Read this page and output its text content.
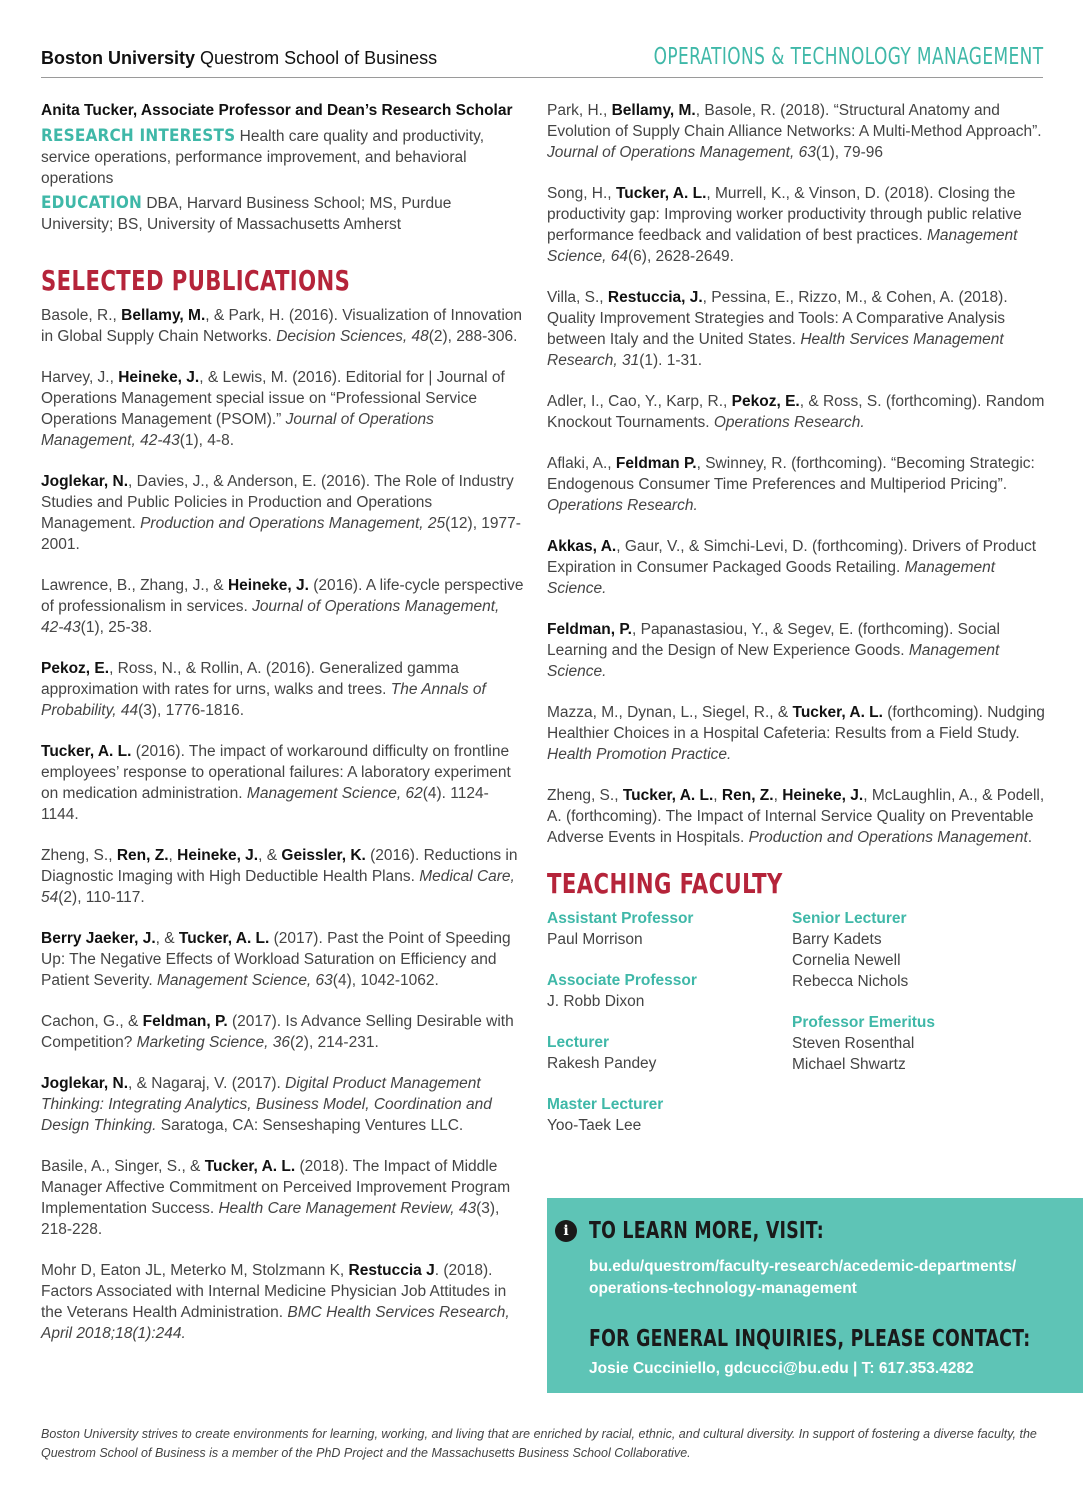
Boston University Questrom School of Business	OPERATIONS & TECHNOLOGY MANAGEMENT
Anita Tucker, Associate Professor and Dean’s Research Scholar
RESEARCH INTERESTS Health care quality and productivity, service operations, performance improvement, and behavioral operations
EDUCATION DBA, Harvard Business School; MS, Purdue University; BS, University of Massachusetts Amherst
SELECTED PUBLICATIONS
Basole, R., Bellamy, M., & Park, H. (2016). Visualization of Innovation in Global Supply Chain Networks. Decision Sciences, 48(2), 288-306.
Harvey, J., Heineke, J., & Lewis, M. (2016). Editorial for | Journal of Operations Management special issue on “Professional Service Operations Management (PSOM).” Journal of Operations Management, 42-43(1), 4-8.
Joglekar, N., Davies, J., & Anderson, E. (2016). The Role of Industry Studies and Public Policies in Production and Operations Management. Production and Operations Management, 25(12), 1977-2001.
Lawrence, B., Zhang, J., & Heineke, J. (2016). A life-cycle perspective of professionalism in services. Journal of Operations Management, 42-43(1), 25-38.
Pekoz, E., Ross, N., & Rollin, A. (2016). Generalized gamma approximation with rates for urns, walks and trees. The Annals of Probability, 44(3), 1776-1816.
Tucker, A. L. (2016). The impact of workaround difficulty on frontline employees’ response to operational failures: A laboratory experiment on medication administration. Management Science, 62(4). 1124-1144.
Zheng, S., Ren, Z., Heineke, J., & Geissler, K. (2016). Reductions in Diagnostic Imaging with High Deductible Health Plans. Medical Care, 54(2), 110-117.
Berry Jaeker, J., & Tucker, A. L. (2017). Past the Point of Speeding Up: The Negative Effects of Workload Saturation on Efficiency and Patient Severity. Management Science, 63(4), 1042-1062.
Cachon, G., & Feldman, P. (2017). Is Advance Selling Desirable with Competition? Marketing Science, 36(2), 214-231.
Joglekar, N., & Nagaraj, V. (2017). Digital Product Management Thinking: Integrating Analytics, Business Model, Coordination and Design Thinking. Saratoga, CA: Senseshaping Ventures LLC.
Basile, A., Singer, S., & Tucker, A. L. (2018). The Impact of Middle Manager Affective Commitment on Perceived Improvement Program Implementation Success. Health Care Management Review, 43(3), 218-228.
Mohr D, Eaton JL, Meterko M, Stolzmann K, Restuccia J. (2018). Factors Associated with Internal Medicine Physician Job Attitudes in the Veterans Health Administration. BMC Health Services Research, April 2018;18(1):244.
Park, H., Bellamy, M., Basole, R. (2018). “Structural Anatomy and Evolution of Supply Chain Alliance Networks: A Multi-Method Approach”. Journal of Operations Management, 63(1), 79-96
Song, H., Tucker, A. L., Murrell, K., & Vinson, D. (2018). Closing the productivity gap: Improving worker productivity through public relative performance feedback and validation of best practices. Management Science, 64(6), 2628-2649.
Villa, S., Restuccia, J., Pessina, E., Rizzo, M., & Cohen, A. (2018). Quality Improvement Strategies and Tools: A Comparative Analysis between Italy and the United States. Health Services Management Research, 31(1). 1-31.
Adler, I., Cao, Y., Karp, R., Pekoz, E., & Ross, S. (forthcoming). Random Knockout Tournaments. Operations Research.
Aflaki, A., Feldman P., Swinney, R. (forthcoming). “Becoming Strategic: Endogenous Consumer Time Preferences and Multiperiod Pricing”. Operations Research.
Akkas, A., Gaur, V., & Simchi-Levi, D. (forthcoming). Drivers of Product Expiration in Consumer Packaged Goods Retailing. Management Science.
Feldman, P., Papanastasiou, Y., & Segev, E. (forthcoming). Social Learning and the Design of New Experience Goods. Management Science.
Mazza, M., Dynan, L., Siegel, R., & Tucker, A. L. (forthcoming). Nudging Healthier Choices in a Hospital Cafeteria: Results from a Field Study. Health Promotion Practice.
Zheng, S., Tucker, A. L., Ren, Z., Heineke, J., McLaughlin, A., & Podell, A. (forthcoming). The Impact of Internal Service Quality on Preventable Adverse Events in Hospitals. Production and Operations Management.
TEACHING FACULTY
Assistant Professor
Paul Morrison
Associate Professor
J. Robb Dixon
Lecturer
Rakesh Pandey
Master Lecturer
Yoo-Taek Lee
Senior Lecturer
Barry Kadets
Cornelia Newell
Rebecca Nichols
Professor Emeritus
Steven Rosenthal
Michael Shwartz
i TO LEARN MORE, VISIT:
bu.edu/questrom/faculty-research/acedemic-departments/ operations-technology-management
FOR GENERAL INQUIRIES, PLEASE CONTACT:
Josie Cucciniello, gdcucci@bu.edu | T: 617.353.4282
Boston University strives to create environments for learning, working, and living that are enriched by racial, ethnic, and cultural diversity. In support of fostering a diverse faculty, the Questrom School of Business is a member of the PhD Project and the Massachusetts Business School Collaborative.
